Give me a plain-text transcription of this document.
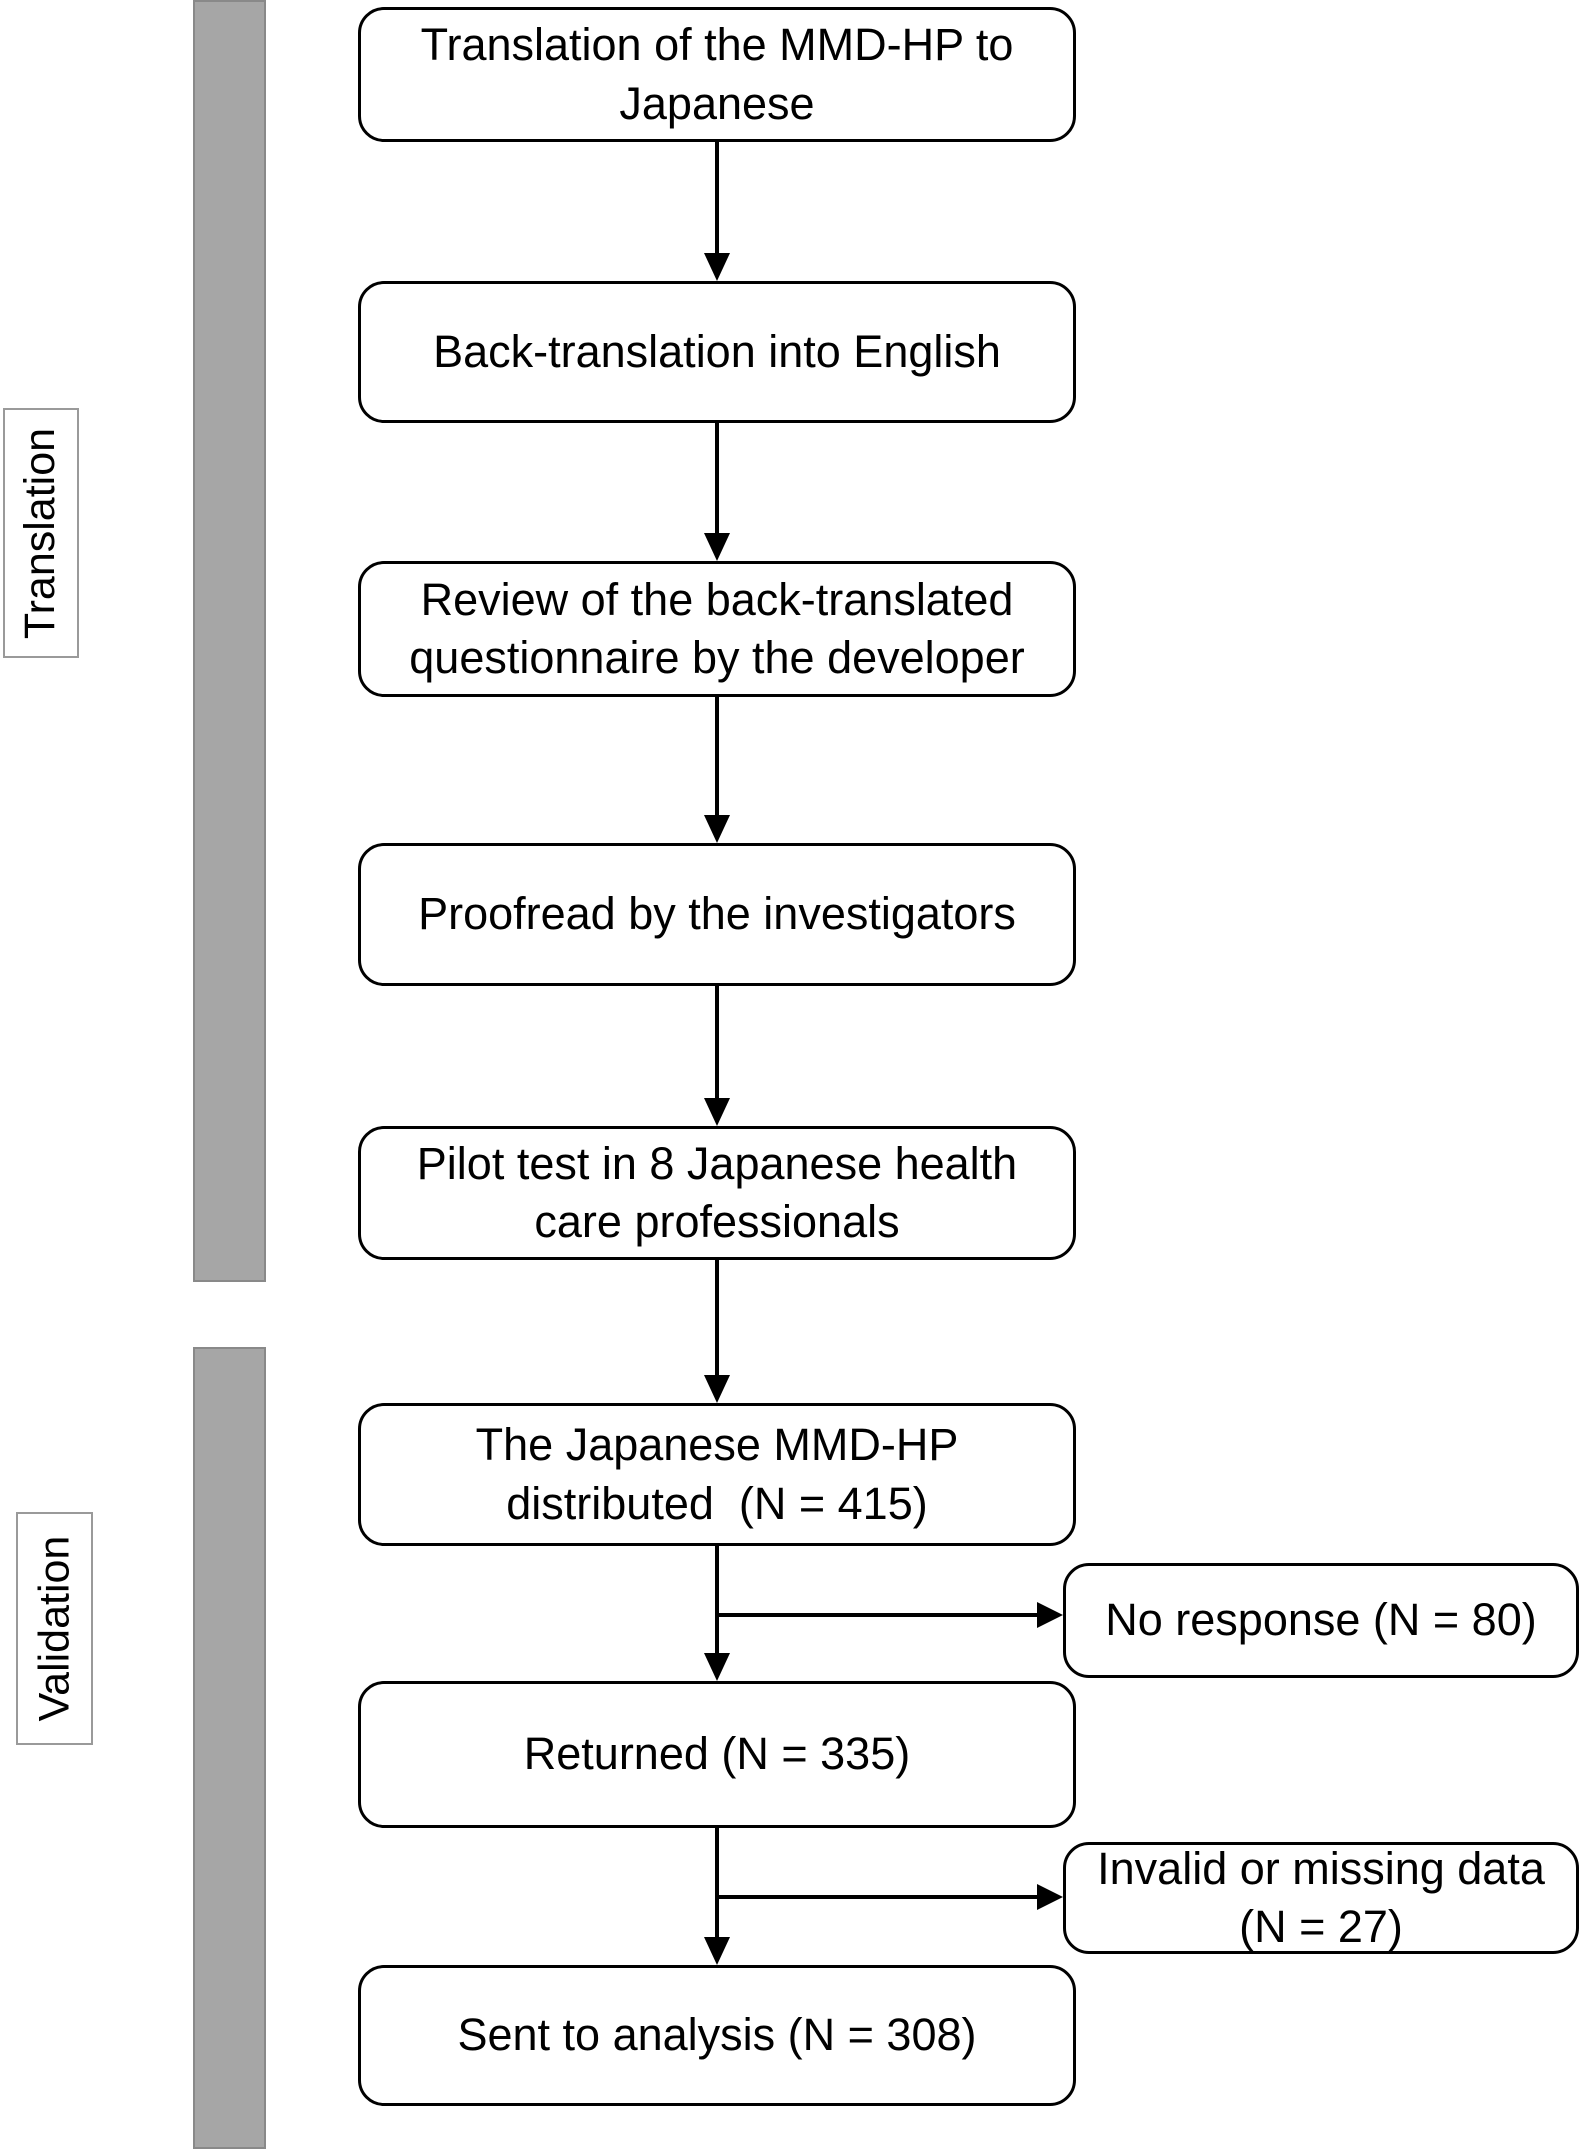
Translation
Validation
Translation of the MMD-HP to
Japanese
Back-translation into English
Review of the back-translated
questionnaire by the developer
Proofread by the investigators
Pilot test in 8 Japanese health
care professionals
The Japanese MMD-HP
distributed  (N = 415)
Returned (N = 335)
Sent to analysis (N = 308)
No response (N = 80)
Invalid or missing data
(N = 27)
